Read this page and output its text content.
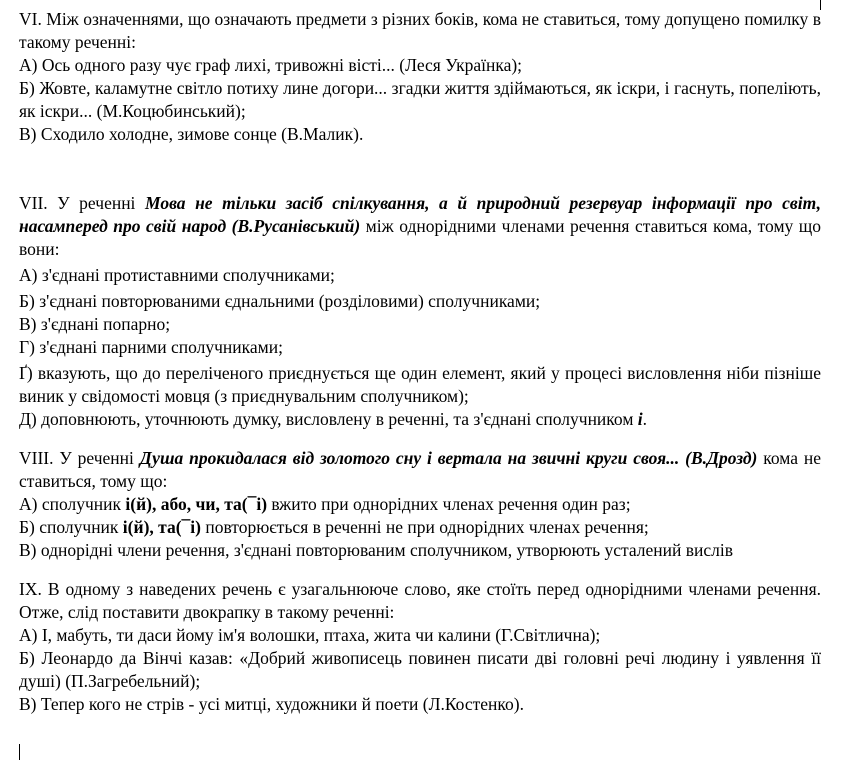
VI. Між означеннями, що означають предмети з різних боків, кома не ставиться, тому допущено помилку в такому реченні:

А) Ось одного разу чує граф лихі, тривожні вісті... (Леся Українка);

Б) Жовте, каламутне світло потиху лине догори... згадки життя здіймаються, як іскри, і гаснуть, попеліють, як іскри... (М.Коцюбинський);

В) Сходило холодне, зимове сонце (В.Малик).

VII. У реченні Мова не тільки засіб спілкування, а й природний резервуар інформації про світ, насамперед про свій народ (В.Русанівський) між однорідними членами речення ставиться кома, тому що вони:

А) з'єднані протиставними сполучниками;

Б) з'єднані повторюваними єднальними (розділовими) сполучниками;

В) з'єднані попарно;

Г) з'єднані парними сполучниками;

Ґ) вказують, що до переліченого приєднується ще один елемент, який у процесі висловлення ніби пізніше виник у свідомості мовця (з приєднувальним сполучником);

Д) доповнюють, уточнюють думку, висловлену в реченні, та з'єднані сполучником і.

VIII. У реченні Душа прокидалася від золотого сну і вертала на звичні круги своя... (В.Дрозд) кома не ставиться, тому що:

А) сполучник і(й), або, чи, та(¯і) вжито при однорідних членах речення один раз;

Б) сполучник і(й), та(¯і) повторюється в реченні не при однорідних членах речення;

В) однорідні члени речення, з'єднані повторюваним сполучником, утворюють усталений вислів

ІХ. В одному з наведених речень є узагальнююче слово, яке стоїть перед однорідними членами речення. Отже, слід поставити двокрапку в такому реченні:

А) І, мабуть, ти даси йому ім'я волошки, птаха, жита чи калини (Г.Світлична);

Б) Леонардо да Вінчі казав: «Добрий живописець повинен писати дві головні речі людину і уявлення її душі) (П.Загребельний);

В) Тепер кого не стрів - усі митці, художники й поети (Л.Костенко).
